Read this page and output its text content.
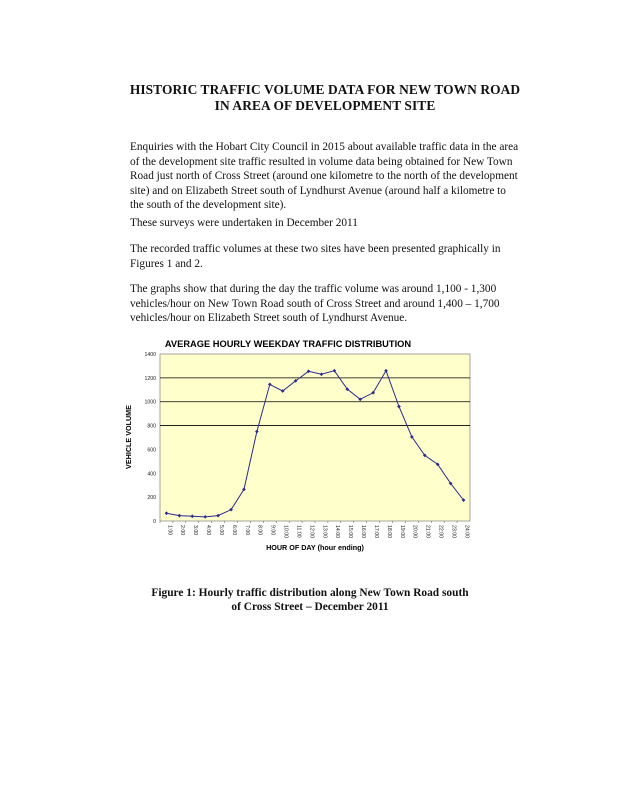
HISTORIC TRAFFIC VOLUME DATA FOR NEW TOWN ROAD
IN AREA OF DEVELOPMENT SITE

Enquiries with the Hobart City Council in 2015 about available traffic data in the area
of the development site traffic resulted in volume data being obtained for New Town
Road just north of Cross Street (around one kilometre to the north of the development
site) and on Elizabeth Street south of Lyndhurst Avenue (around half a kilometre to
the south of the development site).

These surveys were undertaken in December 2011

The recorded traffic volumes at these two sites have been presented graphically in
Figures 1 and 2.

The graphs show that during the day the traffic volume was around 1,100 - 1,300
vehicles/hour on New Town Road south of Cross Street and around 1,400 – 1,700
vehicles/hour on Elizabeth Street south of Lyndhurst Avenue.

AVERAGE HOURLY WEEKDAY TRAFFIC DISTRIBUTION
0
200
400
600
800
1000
1200
1400
1:00 2:00 3:00 4:00 5:00 6:00 7:00 8:00 9:00 10:00 11:00 12:00 13:00 14:00 15:00 16:00 17:00 18:00 19:00 20:00 21:00 22:00 23:00 24:00
VEHICLE VOLUME
HOUR OF DAY (hour ending)
Figure 1: Hourly traffic distribution along New Town Road south
of Cross Street – December 2011
